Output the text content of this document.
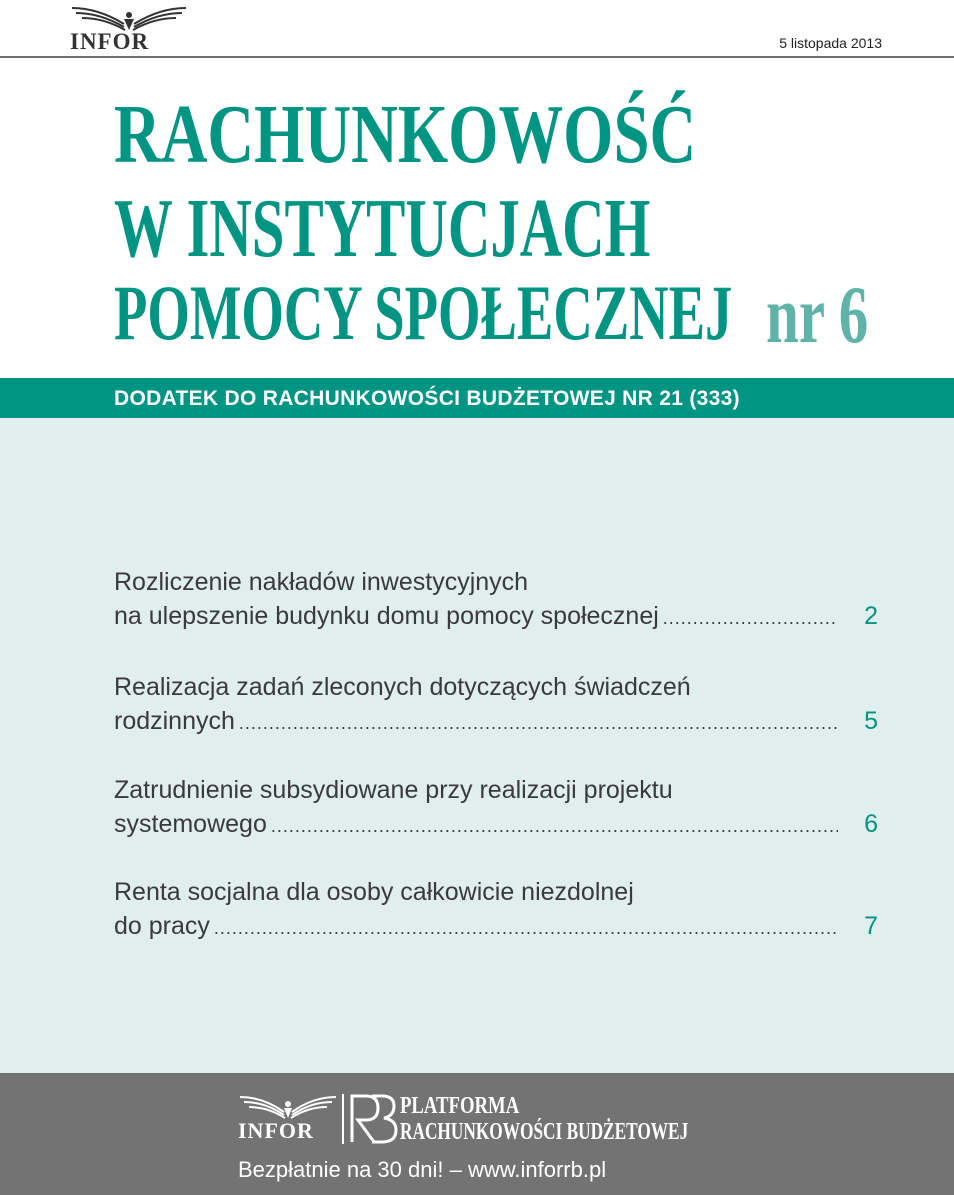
INFOR	5 listopada 2013
RACHUNKOWOŚĆ
W INSTYTUCJACH
POMOCY SPOŁECZNEJ nr 6
DODATEK DO RACHUNKOWOŚCI BUDŻETOWEJ NR 21 (333)
Rozliczenie nakładów inwestycyjnych
na ulepszenie budynku domu pomocy społecznej .....	2
Realizacja zadań zleconych dotyczących świadczeń
rodzinnych .....	5
Zatrudnienie subsydiowane przy realizacji projektu
systemowego .....	6
Renta socjalna dla osoby całkowicie niezdolnej
do pracy .....	7
INFOR
PLATFORMA
RACHUNKOWOŚCI BUDŻETOWEJ
Bezpłatnie na 30 dni! – www.inforrb.pl
